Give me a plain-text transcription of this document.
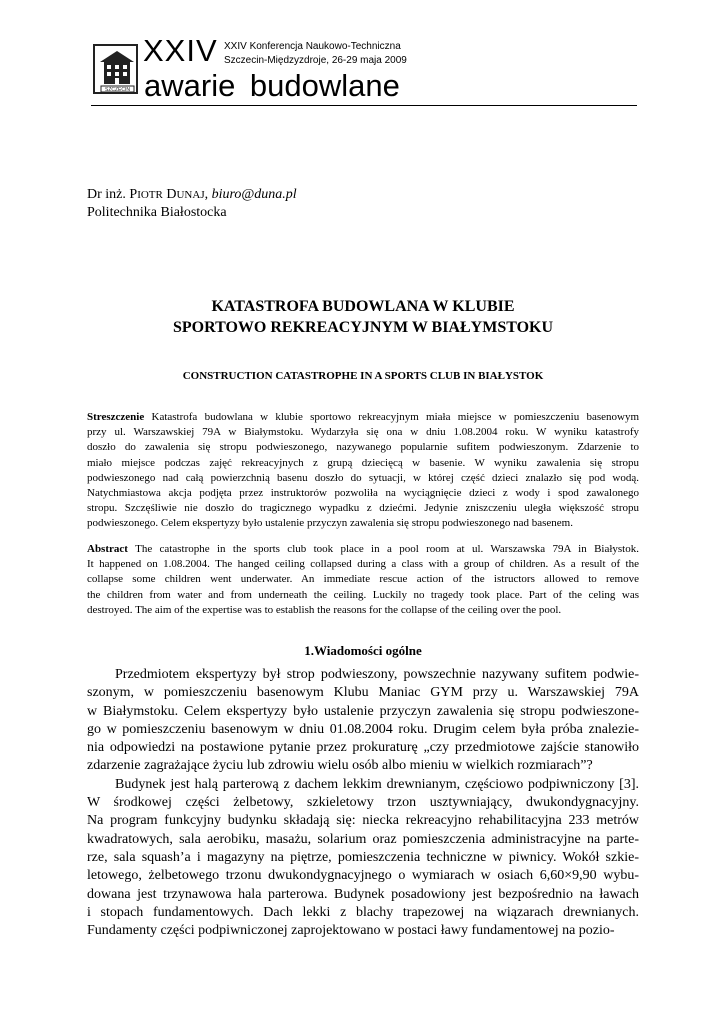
SZCZECIN
XXIV XXIV Konferencja Naukowo-Techniczna
Szczecin-Międzyzdroje, 26-29 maja 2009
awarie budowlane
Dr inż. PIOTR DUNAJ, biuro@duna.pl
Politechnika Białostocka
KATASTROFA BUDOWLANA W KLUBIE
SPORTOWO REKREACYJNYM W BIAŁYMSTOKU
CONSTRUCTION CATASTROPHE IN A SPORTS CLUB IN BIAŁYSTOK
Streszczenie Katastrofa budowlana w klubie sportowo rekreacyjnym miała miejsce w pomieszczeniu basenowym
przy ul. Warszawskiej 79A w Białymstoku. Wydarzyła się ona w dniu 1.08.2004 roku. W wyniku katastrofy
doszło do zawalenia się stropu podwieszonego, nazywanego popularnie sufitem podwieszonym. Zdarzenie to
miało miejsce podczas zajęć rekreacyjnych z grupą dziecięcą w basenie. W wyniku zawalenia się stropu
podwieszonego nad całą powierzchnią basenu doszło do sytuacji, w której część dzieci znalazło się pod wodą.
Natychmiastowa akcja podjęta przez instruktorów pozwoliła na wyciągnięcie dzieci z wody i spod zawalonego
stropu. Szczęśliwie nie doszło do tragicznego wypadku z dziećmi. Jedynie zniszczeniu uległa większość stropu
podwieszonego. Celem ekspertyzy było ustalenie przyczyn zawalenia się stropu podwieszonego nad basenem.
Abstract The catastrophe in the sports club took place in a pool room at ul. Warszawska 79A in Białystok.
It happened on 1.08.2004. The hanged ceiling collapsed during a class with a group of children. As a result of the
collapse some children went underwater. An immediate rescue action of the istructors allowed to remove
the children from water and from underneath the ceiling. Luckily no tragedy took place. Part of the celing was
destroyed. The aim of the expertise was to establish the reasons for the collapse of the ceiling over the pool.
1.Wiadomości ogólne
Przedmiotem ekspertyzy był strop podwieszony, powszechnie nazywany sufitem podwie-
szonym, w pomieszczeniu basenowym Klubu Maniac GYM przy u. Warszawskiej 79A
w Białymstoku. Celem ekspertyzy było ustalenie przyczyn zawalenia się stropu podwieszone-
go w pomieszczeniu basenowym w dniu 01.08.2004 roku. Drugim celem była próba znalezie-
nia odpowiedzi na postawione pytanie przez prokuraturę „czy przedmiotowe zajście stanowiło
zdarzenie zagrażające życiu lub zdrowiu wielu osób albo mieniu w wielkich rozmiarach”?
Budynek jest halą parterową z dachem lekkim drewnianym, częściowo podpiwniczony [3].
W środkowej części żelbetowy, szkieletowy trzon usztywniający, dwukondygnacyjny.
Na program funkcyjny budynku składają się: niecka rekreacyjno rehabilitacyjna 233 metrów
kwadratowych, sala aerobiku, masażu, solarium oraz pomieszczenia administracyjne na parte-
rze, sala squash’a i magazyny na piętrze, pomieszczenia techniczne w piwnicy. Wokół szkie-
letowego, żelbetowego trzonu dwukondygnacyjnego o wymiarach w osiach 6,60×9,90 wybu-
dowana jest trzynawowa hala parterowa. Budynek posadowiony jest bezpośrednio na ławach
i stopach fundamentowych. Dach lekki z blachy trapezowej na wiązarach drewnianych.
Fundamenty części podpiwniczonej zaprojektowano w postaci ławy fundamentowej na pozio-
